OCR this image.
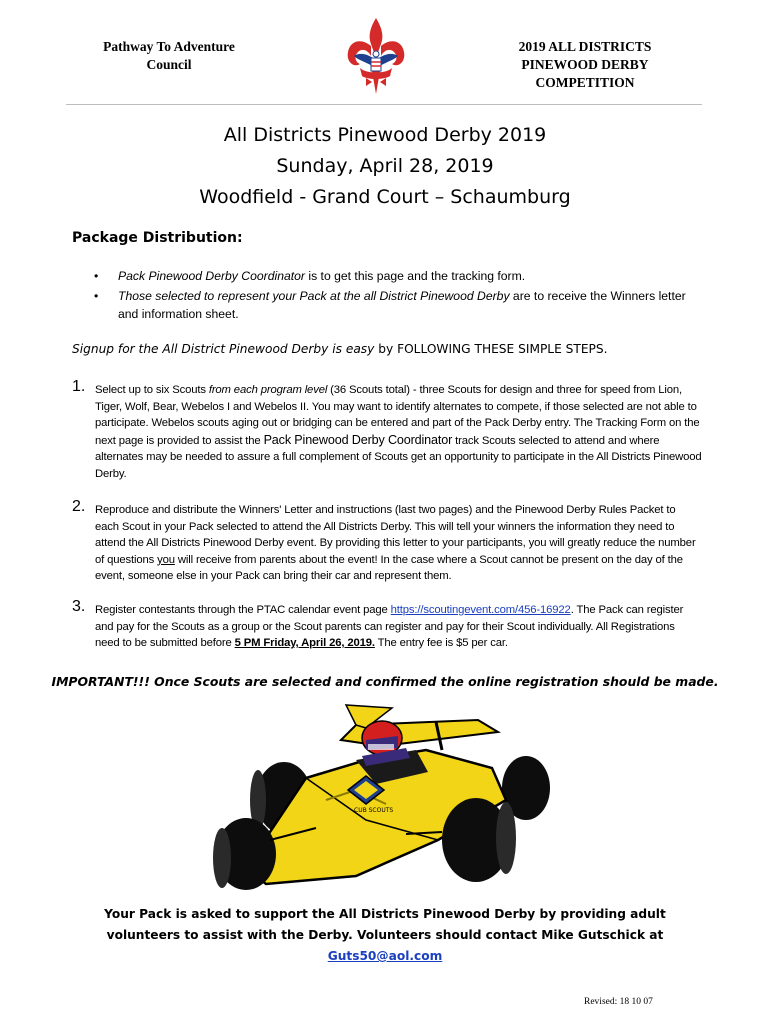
Pathway To Adventure
Council
2019 ALL DISTRICTS
PINEWOOD DERBY
COMPETITION
All Districts Pinewood Derby 2019
Sunday, April 28, 2019
Woodfield - Grand Court – Schaumburg
Package Distribution:
• Pack Pinewood Derby Coordinator is to get this page and the tracking form.
• Those selected to represent your Pack at the all District Pinewood Derby are to receive the Winners letter and information sheet.
Signup for the All District Pinewood Derby is easy by FOLLOWING THESE SIMPLE STEPS.
1. Select up to six Scouts from each program level (36 Scouts total) - three Scouts for design and three for speed from Lion, Tiger, Wolf, Bear, Webelos I and Webelos II. You may want to identify alternates to compete, if those selected are not able to participate. Webelos scouts aging out or bridging can be entered and part of the Pack Derby entry. The Tracking Form on the next page is provided to assist the Pack Pinewood Derby Coordinator track Scouts selected to attend and where alternates may be needed to assure a full complement of Scouts get an opportunity to participate in the All Districts Pinewood Derby.
2. Reproduce and distribute the Winners' Letter and instructions (last two pages) and the Pinewood Derby Rules Packet to each Scout in your Pack selected to attend the All Districts Derby. This will tell your winners the information they need to attend the All Districts Pinewood Derby event. By providing this letter to your participants, you will greatly reduce the number of questions you will receive from parents about the event! In the case where a Scout cannot be present on the day of the event, someone else in your Pack can bring their car and represent them.
3. Register contestants through the PTAC calendar event page https://scoutingevent.com/456-16922. The Pack can register and pay for the Scouts as a group or the Scout parents can register and pay for their Scout individually. All Registrations need to be submitted before 5 PM Friday, April 26, 2019. The entry fee is $5 per car.
IMPORTANT!!! Once Scouts are selected and confirmed the online registration should be made.
CUB SCOUTS
Your Pack is asked to support the All Districts Pinewood Derby by providing adult volunteers to assist with the Derby. Volunteers should contact Mike Gutschick at Guts50@aol.com
Revised: 18 10 07
